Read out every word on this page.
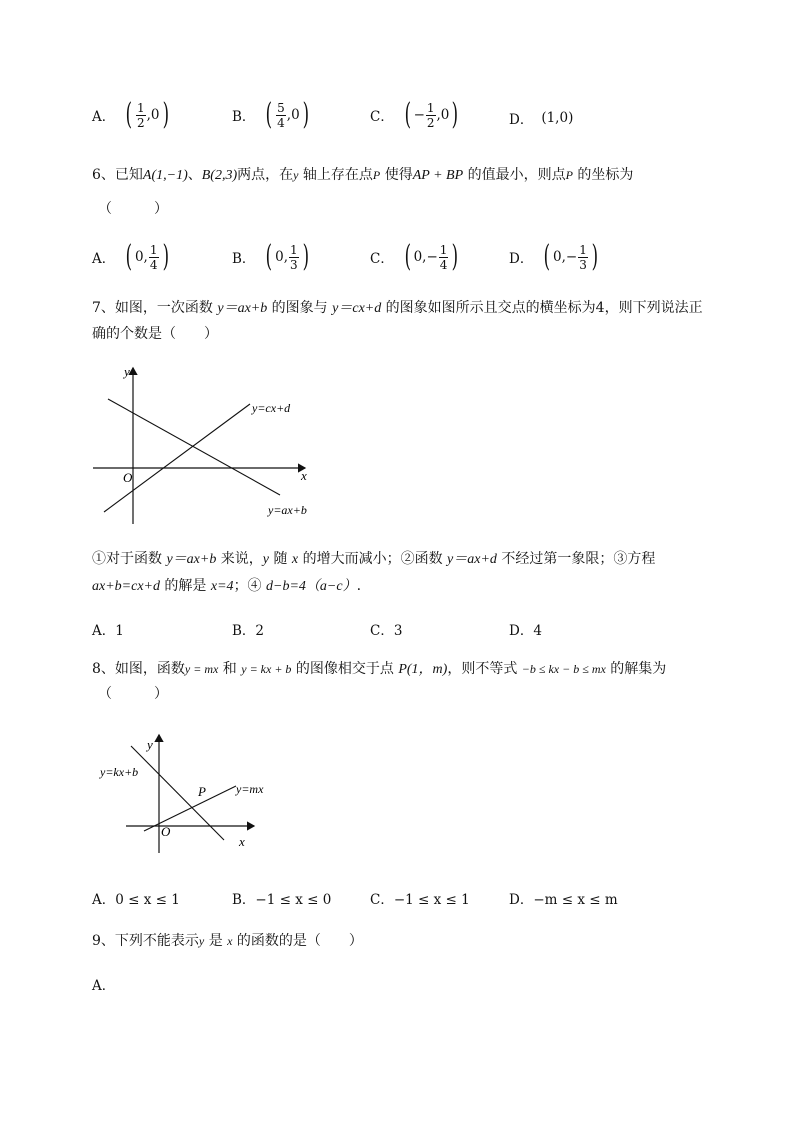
A． ( $\frac{1}{2} ,0$ )	B． ( $\frac{5}{4} ,0$ )	C． ( − $\frac{1}{2} ,0$ )	D． (1,0)
6、已知A(1,−1)、B(2,3)两点，在y 轴上存在点P 使得AP + BP 的值最小，则点P 的坐标为
（　　　）
A． ( 0, $\frac{1}{4}$ )	B． ( 0, $\frac{1}{3}$ )	C． ( $0,- \frac{1}{4}$ )	D． ( $0,- \frac{1}{3}$ )
7、如图，一次函数 y＝ax+b 的图象与 y＝cx+d 的图象如图所示且交点的横坐标为4，则下列说法正
确的个数是（　　）
y
x
O
y=cx+d
y=ax+b
①对于函数 y＝ax+b 来说，y 随 x 的增大而减小；②函数 y＝ax+d 不经过第一象限；③方程
ax+b=cx+d 的解是 x=4；④ d−b=4（a−c）.
A．1	B．2	C．3	D．4
8、如图，函数y = mx 和 y = kx + b 的图像相交于点 P(1，m)，则不等式 −b ≤ kx − b ≤ mx 的解集为
（　　　）
y
x
O
P
y=kx+b
y=mx
A．0 ≤ x ≤ 1	B．−1 ≤ x ≤ 0	C．−1 ≤ x ≤ 1	D．−m ≤ x ≤ m
9、下列不能表示y 是 x 的函数的是（　　）
A．
